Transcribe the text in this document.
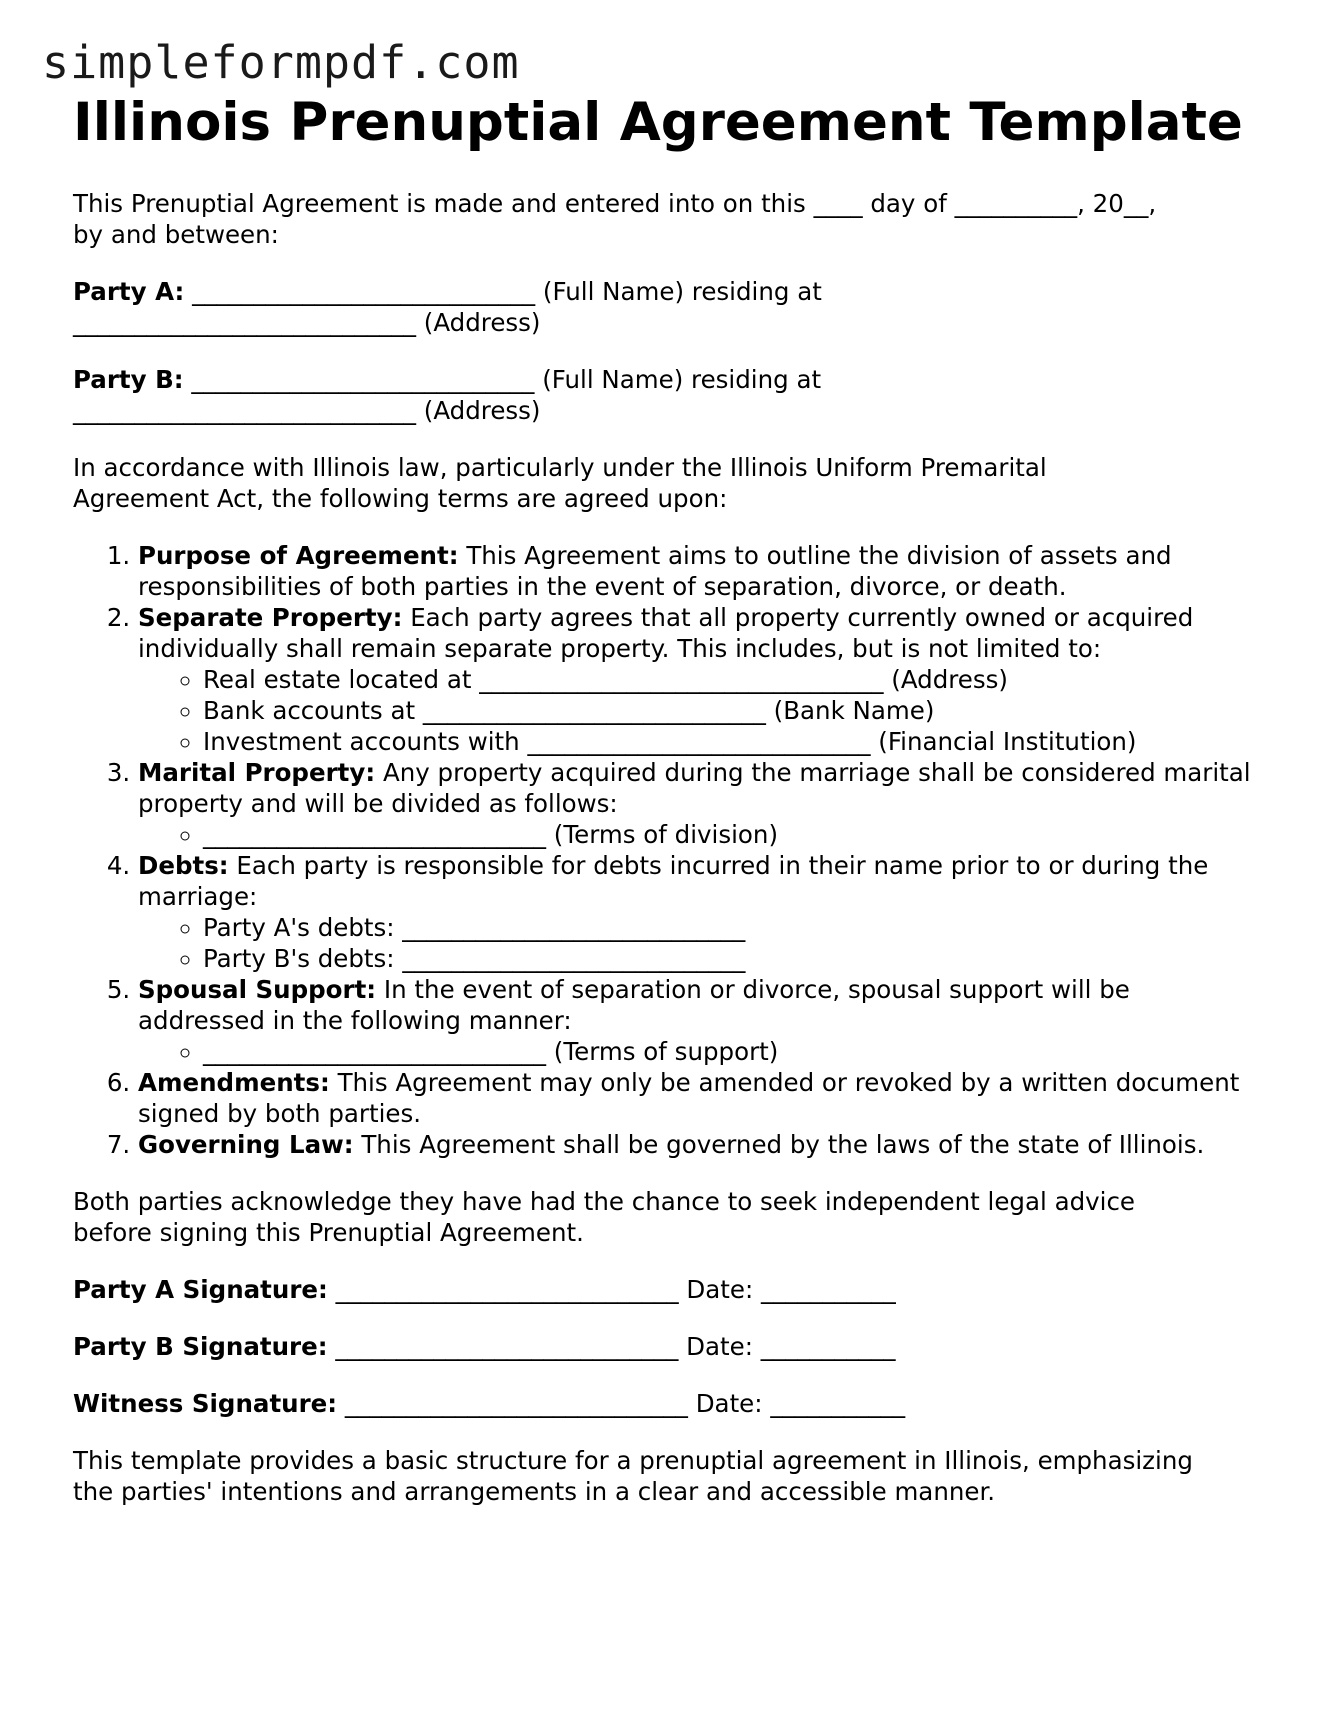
simpleformpdf.com
Illinois Prenuptial Agreement Template

This Prenuptial Agreement is made and entered into on this ____ day of __________, 20__,
by and between:

Party A: ____________________________ (Full Name) residing at
____________________________ (Address)

Party B: ____________________________ (Full Name) residing at
____________________________ (Address)

In accordance with Illinois law, particularly under the Illinois Uniform Premarital Agreement Act, the following terms are agreed upon:

1. Purpose of Agreement: This Agreement aims to outline the division of assets and responsibilities of both parties in the event of separation, divorce, or death.
2. Separate Property: Each party agrees that all property currently owned or acquired individually shall remain separate property. This includes, but is not limited to:
◦ Real estate located at _________________________________ (Address)
◦ Bank accounts at ____________________________ (Bank Name)
◦ Investment accounts with ____________________________ (Financial Institution)
3. Marital Property: Any property acquired during the marriage shall be considered marital property and will be divided as follows:
◦ ____________________________ (Terms of division)
4. Debts: Each party is responsible for debts incurred in their name prior to or during the marriage:
◦ Party A's debts: ____________________________
◦ Party B's debts: ____________________________
5. Spousal Support: In the event of separation or divorce, spousal support will be addressed in the following manner:
◦ ____________________________ (Terms of support)
6. Amendments: This Agreement may only be amended or revoked by a written document signed by both parties.
7. Governing Law: This Agreement shall be governed by the laws of the state of Illinois.

Both parties acknowledge they have had the chance to seek independent legal advice before signing this Prenuptial Agreement.

Party A Signature: ____________________________ Date: ___________
Party B Signature: ____________________________ Date: ___________
Witness Signature: ____________________________ Date: ___________

This template provides a basic structure for a prenuptial agreement in Illinois, emphasizing the parties' intentions and arrangements in a clear and accessible manner.
